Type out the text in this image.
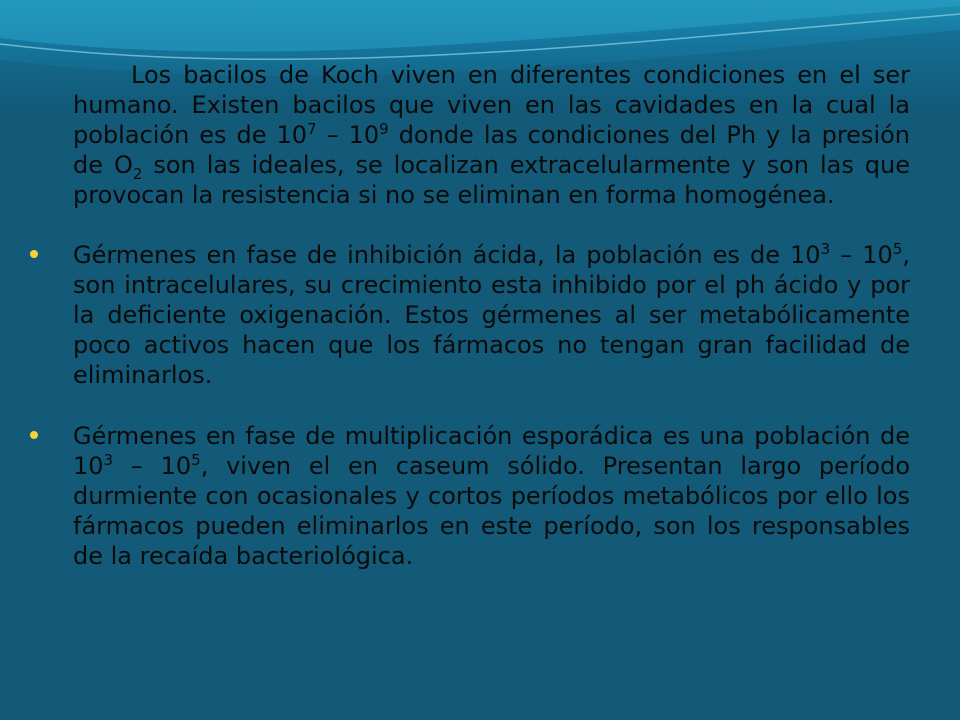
Los bacilos de Koch viven en diferentes condiciones en el ser humano. Existen bacilos que viven en las cavidades en la cual la población es de $10^7 - 10^9$ donde las condiciones del Ph y la presión de $O_2$ son las ideales, se localizan extracelularmente y son las que provocan la resistencia si no se eliminan en forma homogénea.

Gérmenes en fase de inhibición ácida, la población es de $10^3 - 10^5$, son intracelulares, su crecimiento esta inhibido por el ph ácido y por la deficiente oxigenación. Estos gérmenes al ser metabólicamente poco activos hacen que los fármacos no tengan gran facilidad de eliminarlos.

Gérmenes en fase de multiplicación esporádica es una población de $10^3 - 10^5$, viven el en caseum sólido. Presentan largo período durmiente con ocasionales y cortos períodos metabólicos por ello los fármacos pueden eliminarlos en este período, son los responsables de la recaída bacteriológica.
